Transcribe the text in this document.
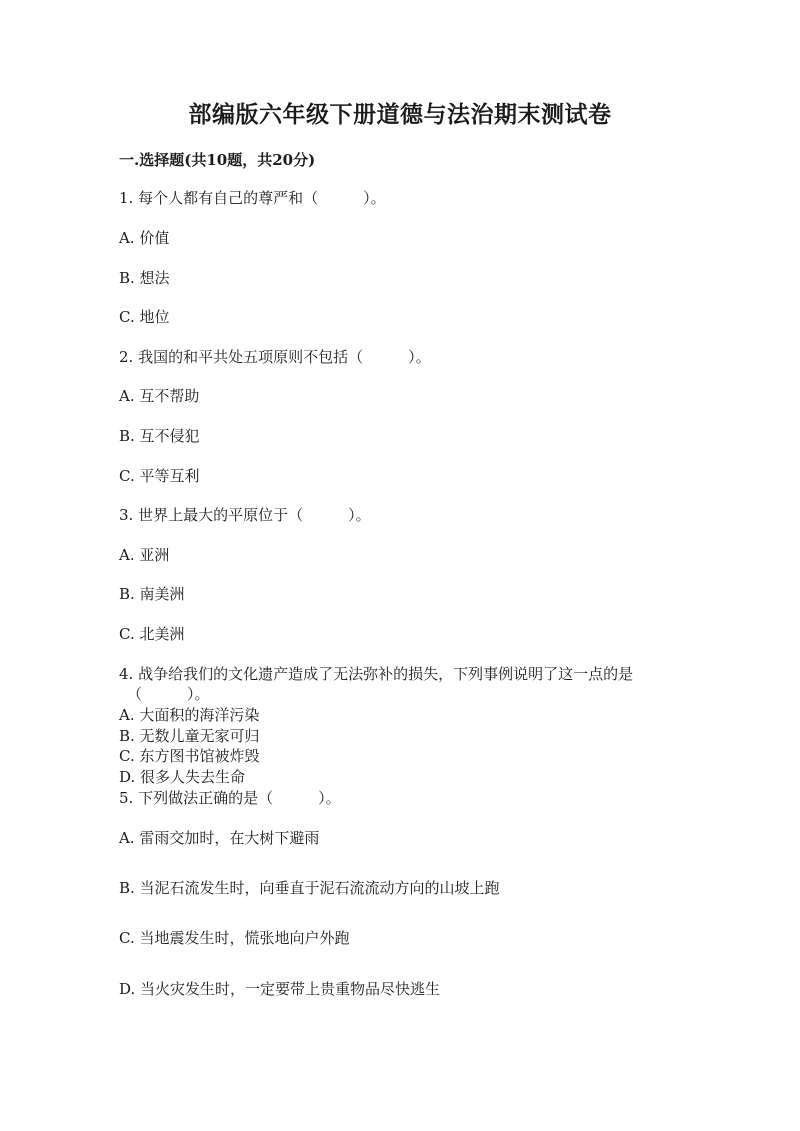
部编版六年级下册道德与法治期末测试卷
一.选择题(共10题，共20分)
1. 每个人都有自己的尊严和（　　　）。
A. 价值
B. 想法
C. 地位
2. 我国的和平共处五项原则不包括（　　　）。
A. 互不帮助
B. 互不侵犯
C. 平等互利
3. 世界上最大的平原位于（　　　）。
A. 亚洲
B. 南美洲
C. 北美洲
4. 战争给我们的文化遗产造成了无法弥补的损失，下列事例说明了这一点的是
（　　　）。
A. 大面积的海洋污染
B. 无数儿童无家可归
C. 东方图书馆被炸毁
D. 很多人失去生命
5. 下列做法正确的是（　　　）。
A. 雷雨交加时，在大树下避雨
B. 当泥石流发生时，向垂直于泥石流流动方向的山坡上跑
C. 当地震发生时，慌张地向户外跑
D. 当火灾发生时，一定要带上贵重物品尽快逃生
